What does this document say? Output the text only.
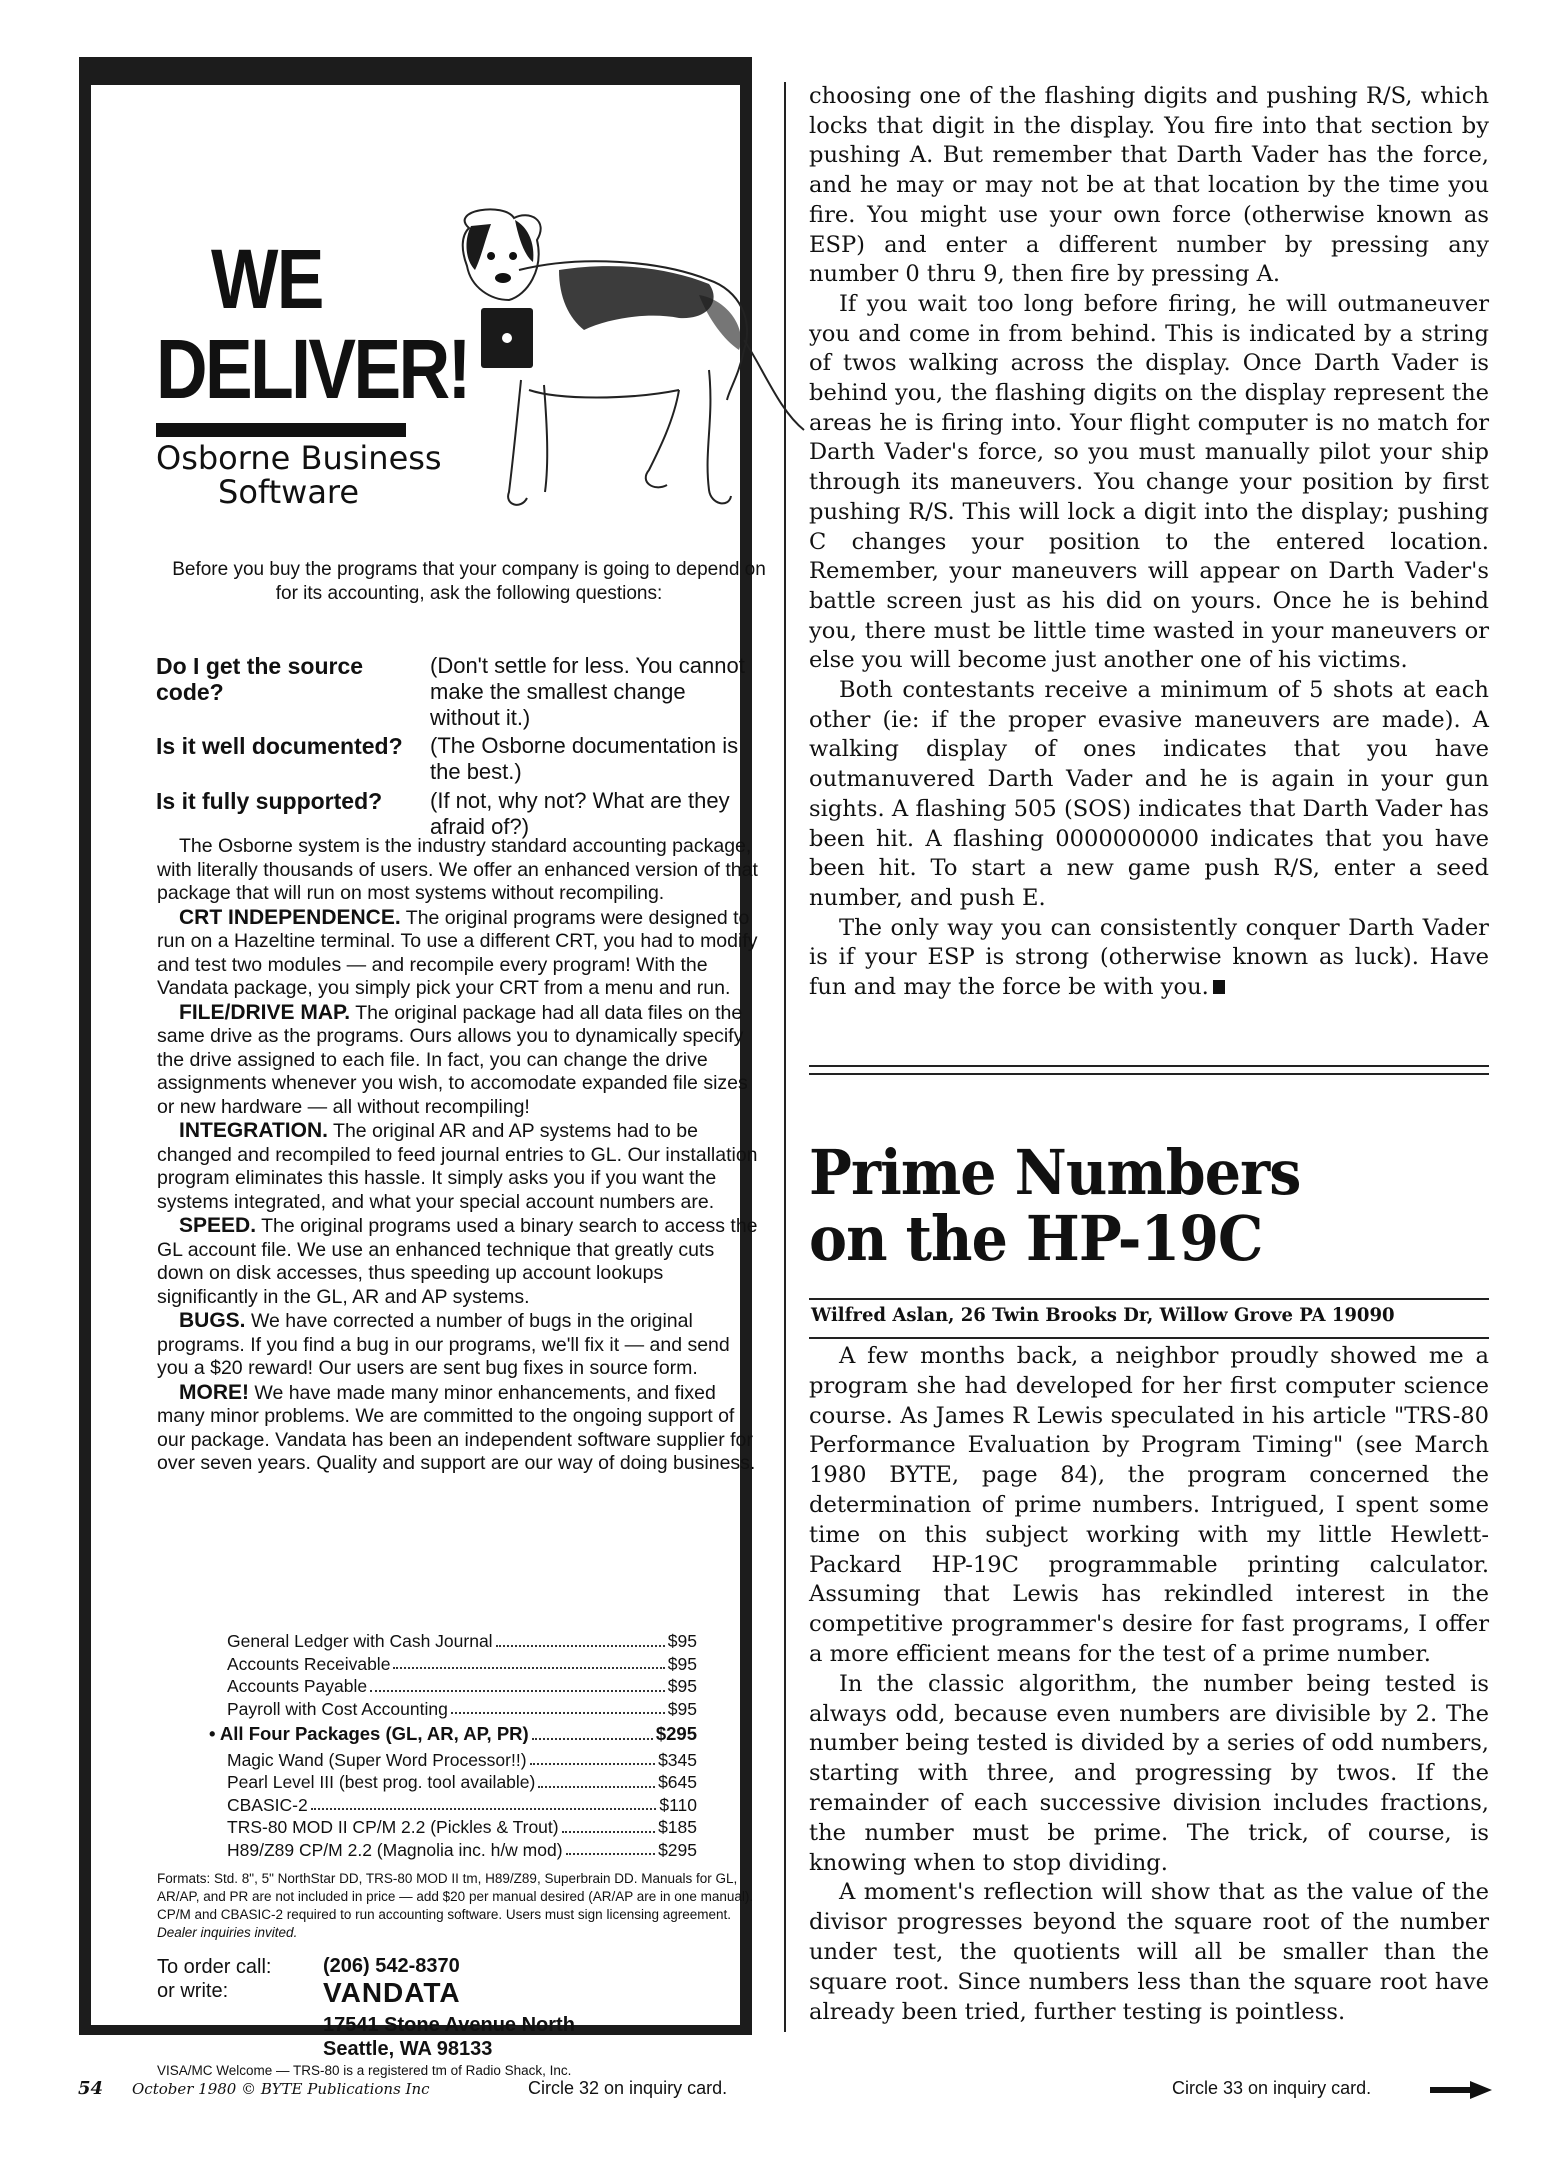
WE
DELIVER!
Osborne Business
Software
Before you buy the programs that your company is going to depend on for its accounting, ask the following questions:
Do I get the source code?
(Don't settle for less. You cannot make the smallest change without it.)
Is it well documented?	(The Osborne documentation is the best.)
Is it fully supported?	(If not, why not? What are they afraid of?)

The Osborne system is the industry standard accounting package, with literally thousands of users. We offer an enhanced version of that package that will run on most systems without recompiling.

CRT INDEPENDENCE. The original programs were designed to run on a Hazeltine terminal. To use a different CRT, you had to modify and test two modules — and recompile every program! With the Vandata package, you simply pick your CRT from a menu and run.

FILE/DRIVE MAP. The original package had all data files on the same drive as the programs. Ours allows you to dynamically specify the drive assigned to each file. In fact, you can change the drive assignments whenever you wish, to accomodate expanded file sizes or new hardware — all without recompiling!

INTEGRATION. The original AR and AP systems had to be changed and recompiled to feed journal entries to GL. Our installation program eliminates this hassle. It simply asks you if you want the systems integrated, and what your special account numbers are.

SPEED. The original programs used a binary search to access the GL account file. We use an enhanced technique that greatly cuts down on disk accesses, thus speeding up account lookups significantly in the GL, AR and AP systems.

BUGS. We have corrected a number of bugs in the original programs. If you find a bug in our programs, we'll fix it — and send you a $20 reward! Our users are sent bug fixes in source form.

MORE! We have made many minor enhancements, and fixed many minor problems. We are committed to the ongoing support of our package. Vandata has been an independent software supplier for over seven years. Quality and support are our way of doing business.

General Ledger with Cash Journal	$95
Accounts Receivable	$95
Accounts Payable	$95
Payroll with Cost Accounting	$95
• All Four Packages (GL, AR, AP, PR)	$295
Magic Wand (Super Word Processor!!)	$345
Pearl Level III (best prog. tool available)	$645
CBASIC-2	$110
TRS-80 MOD II CP/M 2.2 (Pickles & Trout)	$185
H89/Z89 CP/M 2.2 (Magnolia inc. h/w mod)	$295
Formats: Std. 8", 5" NorthStar DD, TRS-80 MOD II tm, H89/Z89, Superbrain DD. Manuals for GL, AR/AP, and PR are not included in price — add $20 per manual desired (AR/AP are in one manual). CP/M and CBASIC-2 required to run accounting software. Users must sign licensing agreement. Dealer inquiries invited.
To order call:
or write:
(206) 542-8370
VANDATA
17541 Stone Avenue North
Seattle, WA 98133
VISA/MC Welcome — TRS-80 is a registered tm of Radio Shack, Inc.

choosing one of the flashing digits and pushing R/S, which locks that digit in the display. You fire into that section by pushing A. But remember that Darth Vader has the force, and he may or may not be at that location by the time you fire. You might use your own force (otherwise known as ESP) and enter a different number by pressing any number 0 thru 9, then fire by pressing A.

If you wait too long before firing, he will outmaneuver you and come in from behind. This is indicated by a string of twos walking across the display. Once Darth Vader is behind you, the flashing digits on the display represent the areas he is firing into. Your flight computer is no match for Darth Vader's force, so you must manually pilot your ship through its maneuvers. You change your position by first pushing R/S. This will lock a digit into the display; pushing C changes your position to the entered location. Remember, your maneuvers will appear on Darth Vader's battle screen just as his did on yours. Once he is behind you, there must be little time wasted in your maneuvers or else you will become just another one of his victims.

Both contestants receive a minimum of 5 shots at each other (ie: if the proper evasive maneuvers are made). A walking display of ones indicates that you have outmanuvered Darth Vader and he is again in your gun sights. A flashing 505 (SOS) indicates that Darth Vader has been hit. A flashing 0000000000 indicates that you have been hit. To start a new game push R/S, enter a seed number, and push E.

The only way you can consistently conquer Darth Vader is if your ESP is strong (otherwise known as luck). Have fun and may the force be with you.

Prime Numbers
on the HP-19C
Wilfred Aslan, 26 Twin Brooks Dr, Willow Grove PA 19090

A few months back, a neighbor proudly showed me a program she had developed for her first computer science course. As James R Lewis speculated in his article "TRS-80 Performance Evaluation by Program Timing" (see March 1980 BYTE, page 84), the program concerned the determination of prime numbers. Intrigued, I spent some time on this subject working with my little Hewlett-Packard HP-19C programmable printing calculator. Assuming that Lewis has rekindled interest in the competitive programmer's desire for fast programs, I offer a more efficient means for the test of a prime number.

In the classic algorithm, the number being tested is always odd, because even numbers are divisible by 2. The number being tested is divided by a series of odd numbers, starting with three, and progressing by twos. If the remainder of each successive division includes fractions, the number must be prime. The trick, of course, is knowing when to stop dividing.

A moment's reflection will show that as the value of the divisor progresses beyond the square root of the number under test, the quotients will all be smaller than the square root. Since numbers less than the square root have already been tried, further testing is pointless.

54 October 1980 © BYTE Publications Inc	Circle 32 on inquiry card.	Circle 33 on inquiry card.
